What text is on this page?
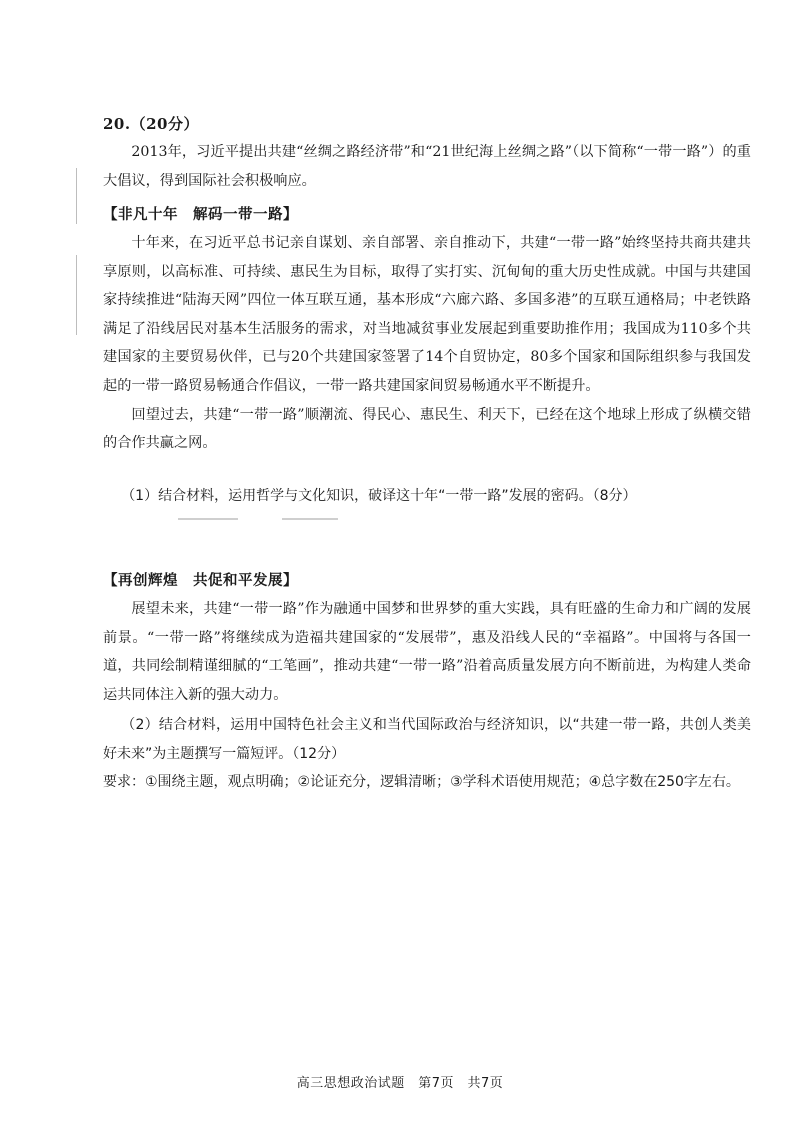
20.（20分）

2013年，习近平提出共建“丝绸之路经济带”和“21世纪海上丝绸之路”（以下简称“一带一路”）的重大倡议，得到国际社会积极响应。

【非凡十年　解码一带一路】

十年来，在习近平总书记亲自谋划、亲自部署、亲自推动下，共建“一带一路”始终坚持共商共建共享原则，以高标准、可持续、惠民生为目标，取得了实打实、沉甸甸的重大历史性成就。中国与共建国家持续推进“陆海天网”四位一体互联互通，基本形成“六廊六路、多国多港”的互联互通格局；中老铁路满足了沿线居民对基本生活服务的需求，对当地减贫事业发展起到重要助推作用；我国成为110多个共建国家的主要贸易伙伴，已与20个共建国家签署了14个自贸协定，80多个国家和国际组织参与我国发起的一带一路贸易畅通合作倡议，一带一路共建国家间贸易畅通水平不断提升。

回望过去，共建“一带一路”顺潮流、得民心、惠民生、利天下，已经在这个地球上形成了纵横交错的合作共赢之网。

（1）结合材料，运用哲学与文化知识，破译这十年“一带一路”发展的密码。（8分）

【再创辉煌　共促和平发展】

展望未来，共建“一带一路”作为融通中国梦和世界梦的重大实践，具有旺盛的生命力和广阔的发展前景。“一带一路”将继续成为造福共建国家的“发展带”，惠及沿线人民的“幸福路”。中国将与各国一道，共同绘制精谨细腻的“工笔画”，推动共建“一带一路”沿着高质量发展方向不断前进，为构建人类命运共同体注入新的强大动力。

（2）结合材料，运用中国特色社会主义和当代国际政治与经济知识，以“共建一带一路，共创人类美好未来”为主题撰写一篇短评。（12分）

要求：①围绕主题，观点明确；②论证充分，逻辑清晰；③学科术语使用规范；④总字数在250字左右。

高三思想政治试题　第7页　共7页
